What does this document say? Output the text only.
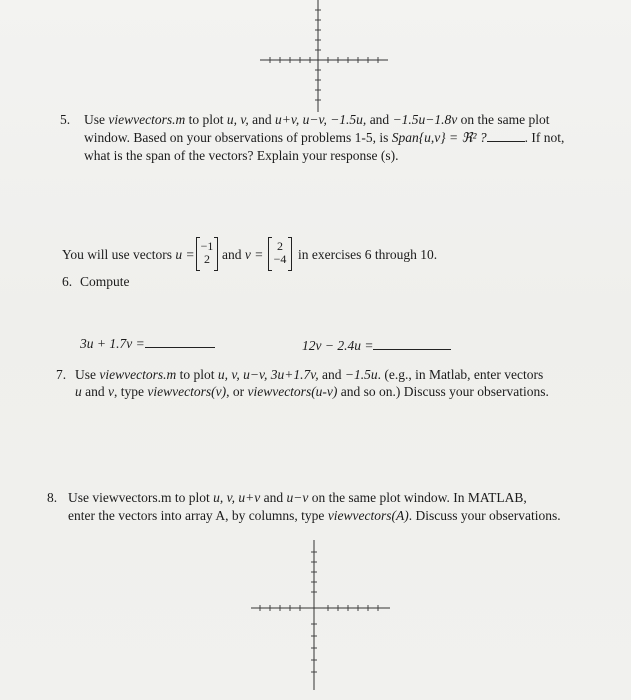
﻿
5. Use viewvectors.m to plot u, v, and u+v, u−v, −1.5u, and −1.5u−1.8v on the same plot
window. Based on your observations of problems 1-5, is Span{u,v} = ℜ² ?	. If not,
what is the span of the vectors? Explain your response (s).
You will use vectors u =
−1
2 and v =
2
−4 in exercises 6 through 10.
6. Compute
3u + 1.7v =	12v − 2.4u =
7. Use viewvectors.m to plot u, v, u−v, 3u+1.7v, and −1.5u. (e.g., in Matlab, enter vectors
u and v, type viewvectors(v), or viewvectors(u-v) and so on.) Discuss your observations.
8. Use viewvectors.m to plot u, v, u+v and u−v on the same plot window. In MATLAB,
enter the vectors into array A, by columns, type viewvectors(A). Discuss your observations.
